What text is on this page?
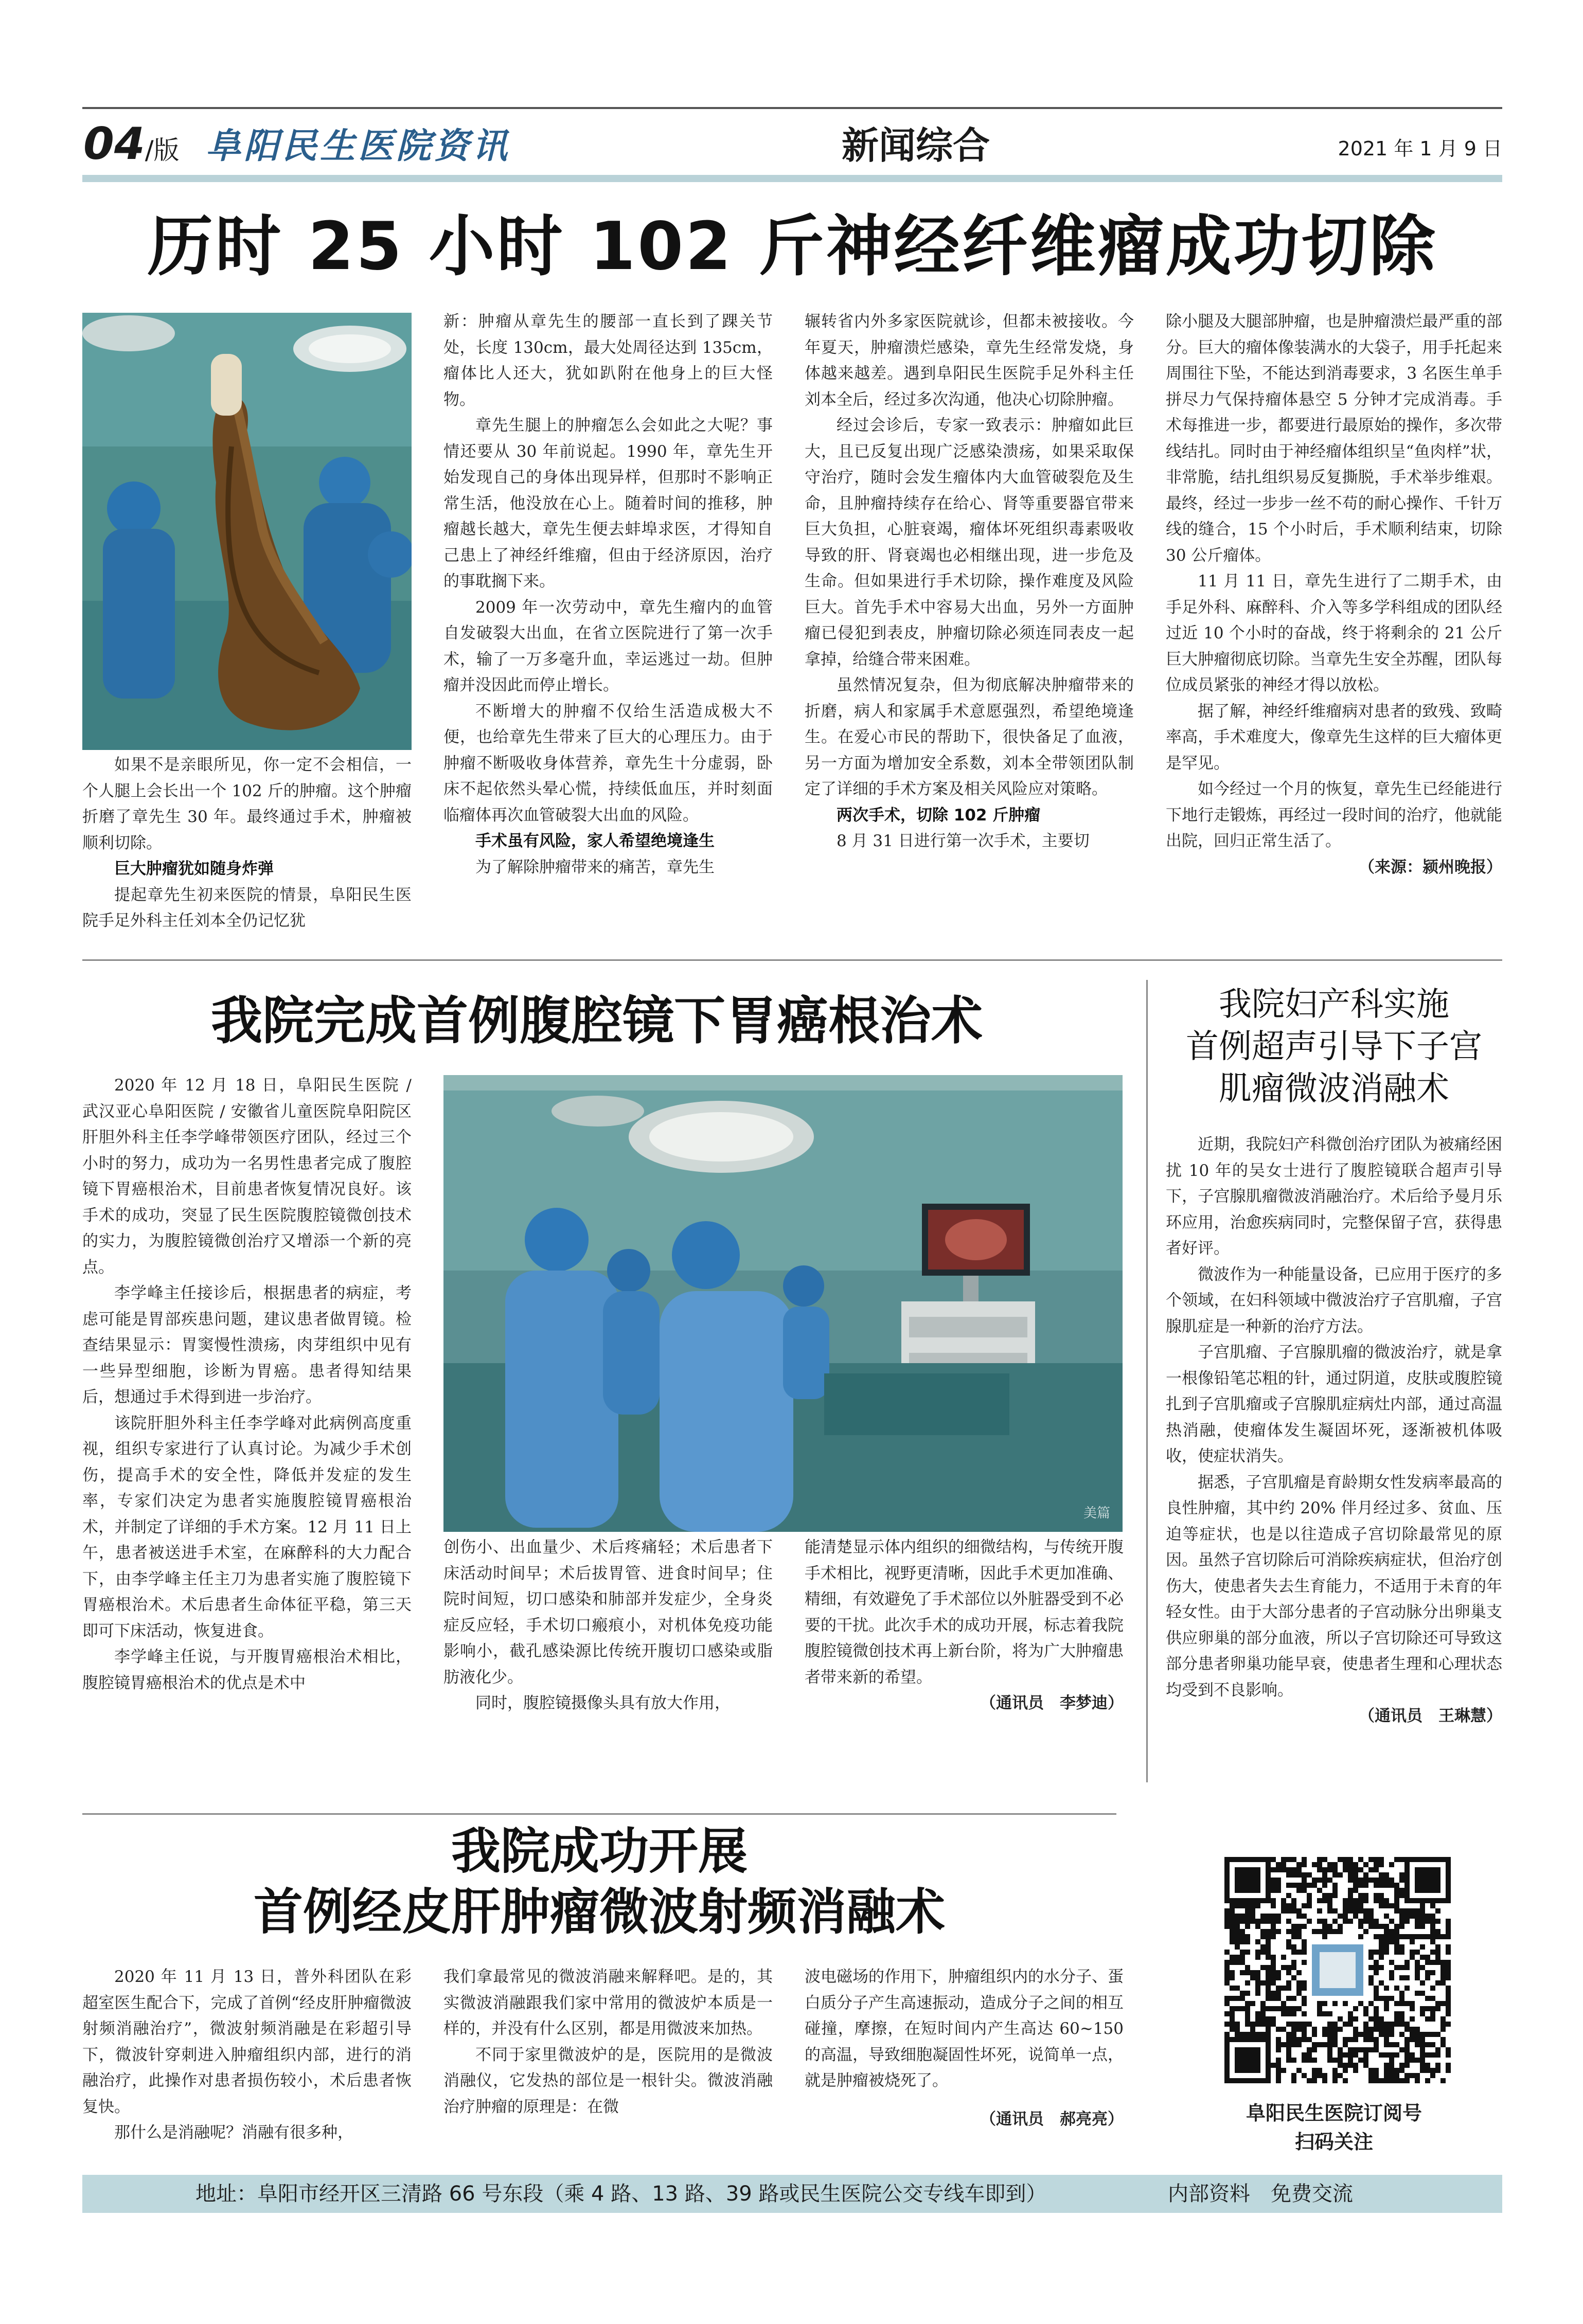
04/版 阜阳民生医院资讯	新闻综合	2021 年 1 月 9 日
历时 25 小时 102 斤神经纤维瘤成功切除

如果不是亲眼所见，你一定不会相信，一个人腿上会长出一个 102 斤的肿瘤。这个肿瘤折磨了章先生 30 年。最终通过手术，肿瘤被顺利切除。

巨大肿瘤犹如随身炸弹

提起章先生初来医院的情景，阜阳民生医院手足外科主任刘本全仍记忆犹

新：肿瘤从章先生的腰部一直长到了踝关节处，长度 130cm，最大处周径达到 135cm，瘤体比人还大，犹如趴附在他身上的巨大怪物。

章先生腿上的肿瘤怎么会如此之大呢？事情还要从 30 年前说起。1990 年，章先生开始发现自己的身体出现异样，但那时不影响正常生活，他没放在心上。随着时间的推移，肿瘤越长越大，章先生便去蚌埠求医，才得知自己患上了神经纤维瘤，但由于经济原因，治疗的事耽搁下来。

2009 年一次劳动中，章先生瘤内的血管自发破裂大出血，在省立医院进行了第一次手术，输了一万多毫升血，幸运逃过一劫。但肿瘤并没因此而停止增长。

不断增大的肿瘤不仅给生活造成极大不便，也给章先生带来了巨大的心理压力。由于肿瘤不断吸收身体营养，章先生十分虚弱，卧床不起依然头晕心慌，持续低血压，并时刻面临瘤体再次血管破裂大出血的风险。

手术虽有风险，家人希望绝境逢生

为了解除肿瘤带来的痛苦，章先生

辗转省内外多家医院就诊，但都未被接收。今年夏天，肿瘤溃烂感染，章先生经常发烧，身体越来越差。遇到阜阳民生医院手足外科主任刘本全后，经过多次沟通，他决心切除肿瘤。

经过会诊后，专家一致表示：肿瘤如此巨大，且已反复出现广泛感染溃疡，如果采取保守治疗，随时会发生瘤体内大血管破裂危及生命，且肿瘤持续存在给心、肾等重要器官带来巨大负担，心脏衰竭，瘤体坏死组织毒素吸收导致的肝、肾衰竭也必相继出现，进一步危及生命。但如果进行手术切除，操作难度及风险巨大。首先手术中容易大出血，另外一方面肿瘤已侵犯到表皮，肿瘤切除必须连同表皮一起拿掉，给缝合带来困难。

虽然情况复杂，但为彻底解决肿瘤带来的折磨，病人和家属手术意愿强烈，希望绝境逢生。在爱心市民的帮助下，很快备足了血液，另一方面为增加安全系数，刘本全带领团队制定了详细的手术方案及相关风险应对策略。

两次手术，切除 102 斤肿瘤

8 月 31 日进行第一次手术，主要切

除小腿及大腿部肿瘤，也是肿瘤溃烂最严重的部分。巨大的瘤体像装满水的大袋子，用手托起来周围往下坠，不能达到消毒要求，3 名医生单手拼尽力气保持瘤体悬空 5 分钟才完成消毒。手术每推进一步，都要进行最原始的操作，多次带线结扎。同时由于神经瘤体组织呈“鱼肉样”状，非常脆，结扎组织易反复撕脱，手术举步维艰。最终，经过一步步一丝不苟的耐心操作、千针万线的缝合，15 个小时后，手术顺利结束，切除 30 公斤瘤体。

11 月 11 日，章先生进行了二期手术，由手足外科、麻醉科、介入等多学科组成的团队经过近 10 个小时的奋战，终于将剩余的 21 公斤巨大肿瘤彻底切除。当章先生安全苏醒，团队每位成员紧张的神经才得以放松。

据了解，神经纤维瘤病对患者的致残、致畸率高，手术难度大，像章先生这样的巨大瘤体更是罕见。

如今经过一个月的恢复，章先生已经能进行下地行走锻炼，再经过一段时间的治疗，他就能出院，回归正常生活了。

（来源：颍州晚报）

我院完成首例腹腔镜下胃癌根治术

2020 年 12 月 18 日，阜阳民生医院 / 武汉亚心阜阳医院 / 安徽省儿童医院阜阳院区肝胆外科主任李学峰带领医疗团队，经过三个小时的努力，成功为一名男性患者完成了腹腔镜下胃癌根治术，目前患者恢复情况良好。该手术的成功，突显了民生医院腹腔镜微创技术的实力，为腹腔镜微创治疗又增添一个新的亮点。

李学峰主任接诊后，根据患者的病症，考虑可能是胃部疾患问题，建议患者做胃镜。检查结果显示：胃窦慢性溃疡，肉芽组织中见有一些异型细胞，诊断为胃癌。患者得知结果后，想通过手术得到进一步治疗。

该院肝胆外科主任李学峰对此病例高度重视，组织专家进行了认真讨论。为减少手术创伤，提高手术的安全性，降低并发症的发生率，专家们决定为患者实施腹腔镜胃癌根治术，并制定了详细的手术方案。12 月 11 日上午，患者被送进手术室，在麻醉科的大力配合下，由李学峰主任主刀为患者实施了腹腔镜下胃癌根治术。术后患者生命体征平稳，第三天即可下床活动，恢复进食。

李学峰主任说，与开腹胃癌根治术相比，腹腔镜胃癌根治术的优点是术中

美篇

创伤小、出血量少、术后疼痛轻；术后患者下床活动时间早；术后拔胃管、进食时间早；住院时间短，切口感染和肺部并发症少，全身炎症反应轻，手术切口瘢痕小，对机体免疫功能影响小，截孔感染源比传统开腹切口感染或脂肪液化少。

同时，腹腔镜摄像头具有放大作用，

能清楚显示体内组织的细微结构，与传统开腹手术相比，视野更清晰，因此手术更加准确、精细，有效避免了手术部位以外脏器受到不必要的干扰。此次手术的成功开展，标志着我院腹腔镜微创技术再上新台阶，将为广大肿瘤患者带来新的希望。

（通讯员　李梦迪）

我院妇产科实施
首例超声引导下子宫
肌瘤微波消融术

近期，我院妇产科微创治疗团队为被痛经困扰 10 年的吴女士进行了腹腔镜联合超声引导下，子宫腺肌瘤微波消融治疗。术后给予曼月乐环应用，治愈疾病同时，完整保留子宫，获得患者好评。

微波作为一种能量设备，已应用于医疗的多个领域，在妇科领域中微波治疗子宫肌瘤，子宫腺肌症是一种新的治疗方法。

子宫肌瘤、子宫腺肌瘤的微波治疗，就是拿一根像铅笔芯粗的针，通过阴道，皮肤或腹腔镜扎到子宫肌瘤或子宫腺肌症病灶内部，通过高温热消融，使瘤体发生凝固坏死，逐渐被机体吸收，使症状消失。

据悉，子宫肌瘤是育龄期女性发病率最高的良性肿瘤，其中约 20% 伴月经过多、贫血、压迫等症状，也是以往造成子宫切除最常见的原因。虽然子宫切除后可消除疾病症状，但治疗创伤大，使患者失去生育能力，不适用于未育的年轻女性。由于大部分患者的子宫动脉分出卵巢支供应卵巢的部分血液，所以子宫切除还可导致这部分患者卵巢功能早衰，使患者生理和心理状态均受到不良影响。

（通讯员　王琳慧）

我院成功开展
首例经皮肝肿瘤微波射频消融术

2020 年 11 月 13 日，普外科团队在彩超室医生配合下，完成了首例“经皮肝肿瘤微波射频消融治疗”，微波射频消融是在彩超引导下，微波针穿刺进入肿瘤组织内部，进行的消融治疗，此操作对患者损伤较小，术后患者恢复快。

那什么是消融呢？消融有很多种，

我们拿最常见的微波消融来解释吧。是的，其实微波消融跟我们家中常用的微波炉本质是一样的，并没有什么区别，都是用微波来加热。

不同于家里微波炉的是，医院用的是微波消融仪，它发热的部位是一根针尖。微波消融治疗肿瘤的原理是：在微

波电磁场的作用下，肿瘤组织内的水分子、蛋白质分子产生高速振动，造成分子之间的相互碰撞，摩擦，在短时间内产生高达 60~150 的高温，导致细胞凝固性坏死，说简单一点，就是肿瘤被烧死了。

（通讯员　郝亮亮）	阜阳民生医院订阅号
扫码关注
地址：阜阳市经开区三清路 66 号东段（乘 4 路、13 路、39 路或民生医院公交专线车即到）	内部资料　免费交流
